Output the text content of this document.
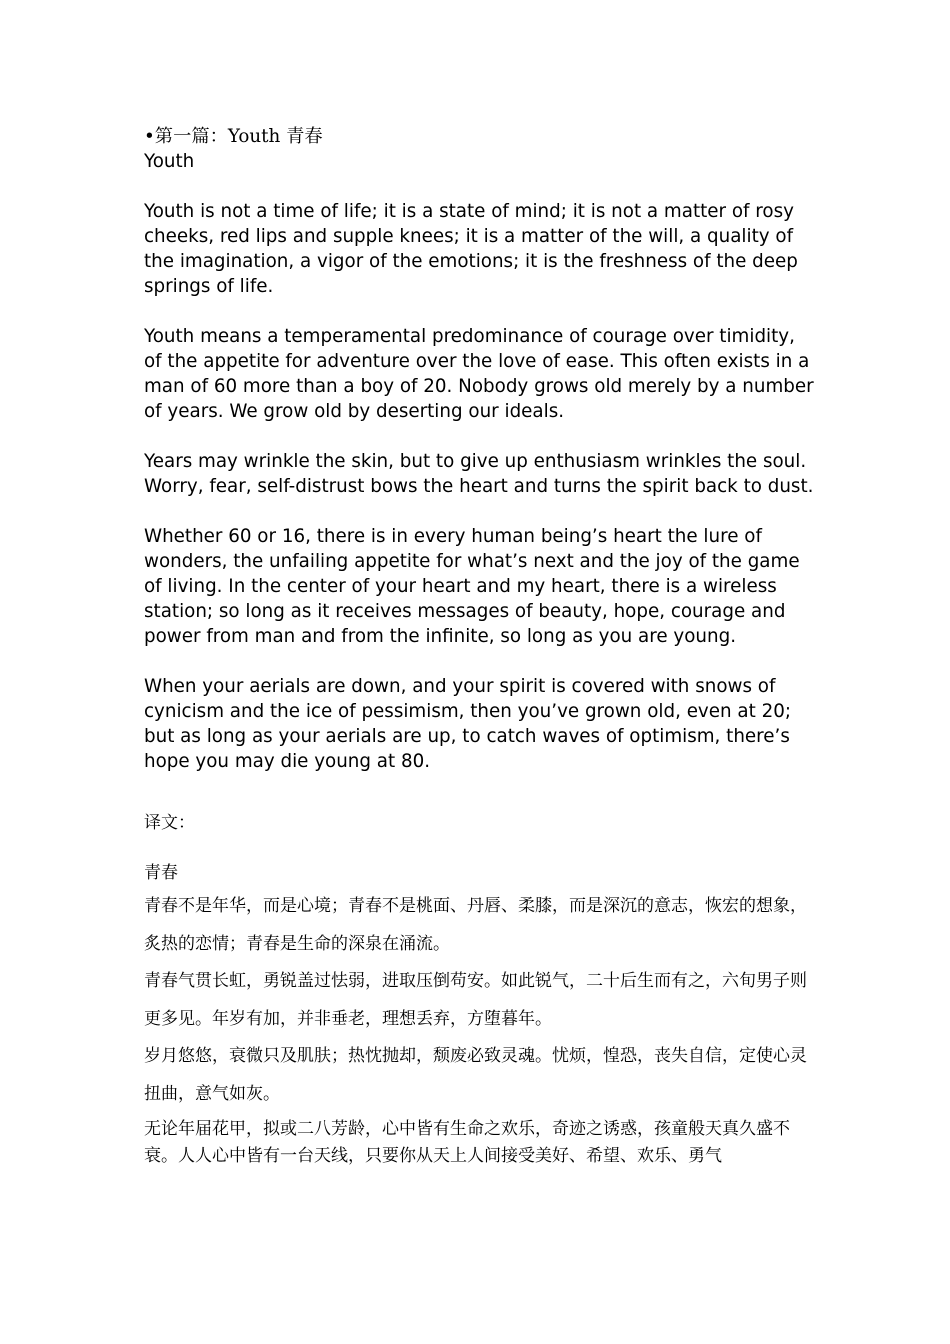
•第一篇：Youth 青春

Youth

Youth is not a time of life; it is a state of mind; it is not a matter of rosy cheeks, red lips and supple knees; it is a matter of the will, a quality of the imagination, a vigor of the emotions; it is the freshness of the deep springs of life.

Youth means a temperamental predominance of courage over timidity, of the appetite for adventure over the love of ease. This often exists in a man of 60 more than a boy of 20. Nobody grows old merely by a number of years. We grow old by deserting our ideals.

Years may wrinkle the skin, but to give up enthusiasm wrinkles the soul. Worry, fear, self-distrust bows the heart and turns the spirit back to dust.

Whether 60 or 16, there is in every human being’s heart the lure of wonders, the unfailing appetite for what’s next and the joy of the game of living. In the center of your heart and my heart, there is a wireless station; so long as it receives messages of beauty, hope, courage and power from man and from the infinite, so long as you are young.

When your aerials are down, and your spirit is covered with snows of cynicism and the ice of pessimism, then you’ve grown old, even at 20; but as long as your aerials are up, to catch waves of optimism, there’s hope you may die young at 80.

译文：

青春

青春不是年华，而是心境；青春不是桃面、丹唇、柔膝，而是深沉的意志，恢宏的想象，炙热的恋情；青春是生命的深泉在涌流。

青春气贯长虹，勇锐盖过怯弱，进取压倒苟安。如此锐气，二十后生而有之，六旬男子则更多见。年岁有加，并非垂老，理想丢弃，方堕暮年。

岁月悠悠，衰微只及肌肤；热忱抛却，颓废必致灵魂。忧烦，惶恐，丧失自信，定使心灵扭曲，意气如灰。

无论年届花甲，拟或二八芳龄，心中皆有生命之欢乐，奇迹之诱惑，孩童般天真久盛不衰。人人心中皆有一台天线，只要你从天上人间接受美好、希望、欢乐、勇气
